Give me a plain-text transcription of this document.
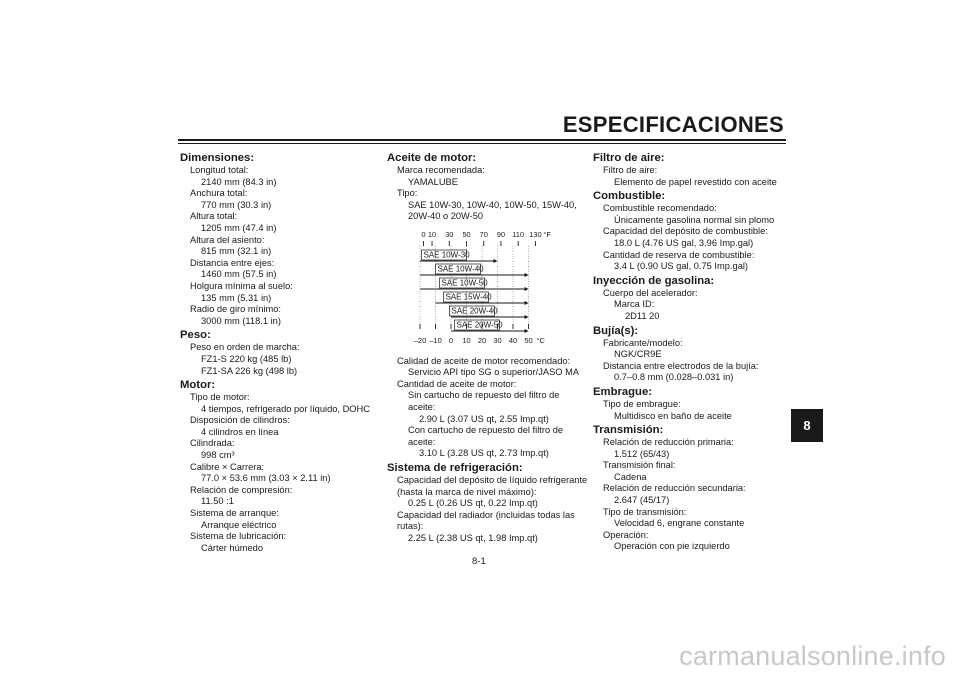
ESPECIFICACIONES
Dimensiones:
Longitud total:
2140 mm (84.3 in)
Anchura total:
770 mm (30.3 in)
Altura total:
1205 mm (47.4 in)
Altura del asiento:
815 mm (32.1 in)
Distancia entre ejes:
1460 mm (57.5 in)
Holgura mínima al suelo:
135 mm (5.31 in)
Radio de giro mínimo:
3000 mm (118.1 in)
Peso:
Peso en orden de marcha:
FZ1-S 220 kg (485 lb)
FZ1-SA 226 kg (498 lb)
Motor:
Tipo de motor:
4 tiempos, refrigerado por líquido, DOHC
Disposición de cilindros:
4 cilindros en línea
Cilindrada:
998 cm³
Calibre × Carrera:
77.0 × 53.6 mm (3.03 × 2.11 in)
Relación de compresión:
11.50 :1
Sistema de arranque:
Arranque eléctrico
Sistema de lubricación:
Cárter húmedo
Aceite de motor:
Marca recomendada:
YAMALUBE
Tipo:
SAE 10W-30, 10W-40, 10W-50, 15W-40,
20W-40 o 20W-50
0 10 30 50 70 90 110 130 °F
–20 –10 0 10 20 30 40 50 °C
SAE 10W-30
SAE 10W-40
SAE 10W-50
SAE 15W-40
SAE 20W-40
SAE 20W-50
Calidad de aceite de motor recomendado:
Servicio API tipo SG o superior/JASO MA
Cantidad de aceite de motor:
Sin cartucho de repuesto del filtro de
aceite:
2.90 L (3.07 US qt, 2.55 Imp.qt)
Con cartucho de repuesto del filtro de
aceite:
3.10 L (3.28 US qt, 2.73 Imp.qt)
Sistema de refrigeración:
Capacidad del depósito de líquido refrigerante
(hasta la marca de nivel máximo):
0.25 L (0.26 US qt, 0.22 Imp.qt)
Capacidad del radiador (incluidas todas las
rutas):
2.25 L (2.38 US qt, 1.98 Imp.qt)
Filtro de aire:
Filtro de aire:
Elemento de papel revestido con aceite
Combustible:
Combustible recomendado:
Únicamente gasolina normal sin plomo
Capacidad del depósito de combustible:
18.0 L (4.76 US gal, 3.96 Imp.gal)
Cantidad de reserva de combustible:
3.4 L (0.90 US gal, 0.75 Imp.gal)
Inyección de gasolina:
Cuerpo del acelerador:
Marca ID:
2D11 20
Bujía(s):
Fabricante/modelo:
NGK/CR9E
Distancia entre electrodos de la bujía:
0.7–0.8 mm (0.028–0.031 in)
Embrague:
Tipo de embrague:
Multidisco en baño de aceite
Transmisión:
Relación de reducción primaria:
1.512 (65/43)
Transmisión final:
Cadena
Relación de reducción secundaria:
2.647 (45/17)
Tipo de transmisión:
Velocidad 6, engrane constante
Operación:
Operación con pie izquierdo
8
8-1
carmanualsonline.info
